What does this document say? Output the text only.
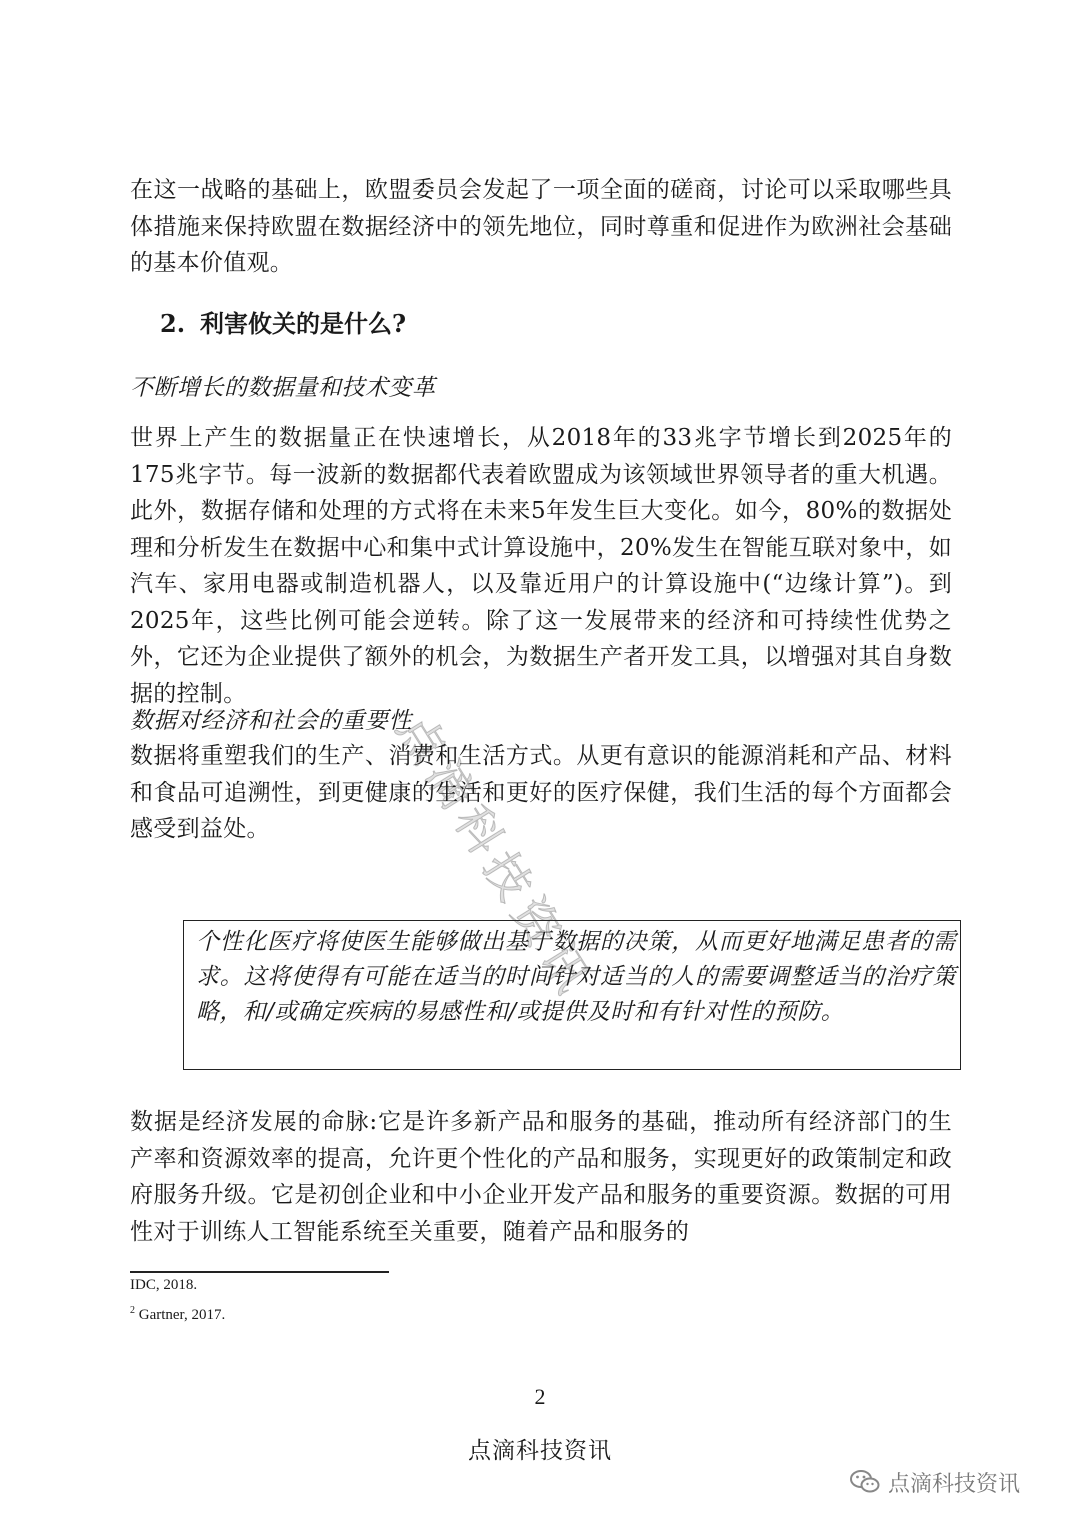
点滴科技资讯

在这一战略的基础上，欧盟委员会发起了一项全面的磋商，讨论可以采取哪些具体措施来保持欧盟在数据经济中的领先地位，同时尊重和促进作为欧洲社会基础的基本价值观。

2. 利害攸关的是什么?
不断增长的数据量和技术变革

世界上产生的数据量正在快速增长，从2018年的33兆字节增长到2025年的175兆字节。每一波新的数据都代表着欧盟成为该领域世界领导者的重大机遇。此外，数据存储和处理的方式将在未来5年发生巨大变化。如今，80%的数据处理和分析发生在数据中心和集中式计算设施中，20%发生在智能互联对象中，如汽车、家用电器或制造机器人，以及靠近用户的计算设施中(“边缘计算”)。到2025年，这些比例可能会逆转。除了这一发展带来的经济和可持续性优势之外，它还为企业提供了额外的机会，为数据生产者开发工具，以增强对其自身数据的控制。

数据对经济和社会的重要性

数据将重塑我们的生产、消费和生活方式。从更有意识的能源消耗和产品、材料和食品可追溯性，到更健康的生活和更好的医疗保健，我们生活的每个方面都会感受到益处。

个性化医疗将使医生能够做出基于数据的决策，从而更好地满足患者的需求。这将使得有可能在适当的时间针对适当的人的需要调整适当的治疗策略，和/或确定疾病的易感性和/或提供及时和有针对性的预防。

数据是经济发展的命脉:它是许多新产品和服务的基础，推动所有经济部门的生产率和资源效率的提高，允许更个性化的产品和服务，实现更好的政策制定和政府服务升级。它是初创企业和中小企业开发产品和服务的重要资源。数据的可用性对于训练人工智能系统至关重要，随着产品和服务的

IDC, 2018.
$^2$ Gartner, 2017.
2
点滴科技资讯
点滴科技资讯
